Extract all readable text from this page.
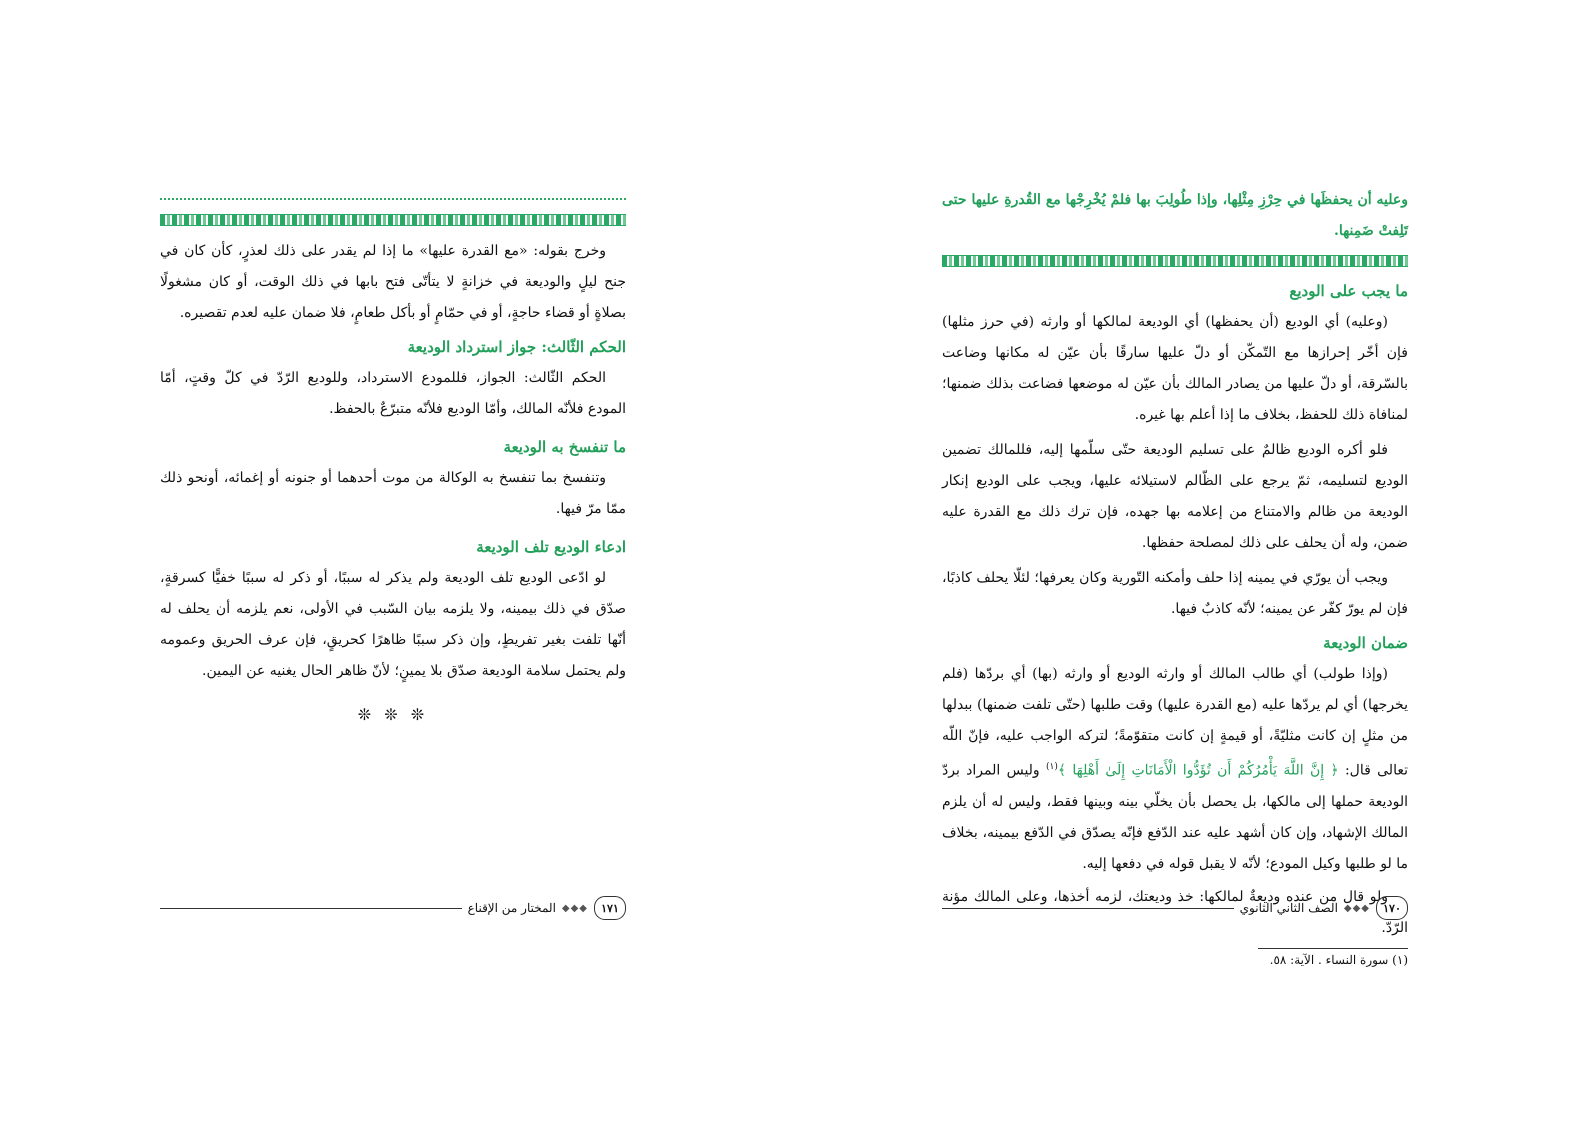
وعليه أن يحفظَها في حِرْزِ مِثْلِها، وإذا طُولِبَ بها فلمْ يُخْرِجْها مع القُدرةِ عليها حتى تَلِفتْ ضَمِنها.

ما يجب على الوديع

(وعليه) أي الوديع (أن يحفظها) أي الوديعة لمالكها أو وارثه (في حرز مثلها) فإن أخّر إحرازها مع التّمكّن أو دلّ عليها سارقًا بأن عيّن له مكانها وضاعت بالسّرقة، أو دلّ عليها من يصادر المالك بأن عيّن له موضعها فضاعت بذلك ضمنها؛ لمنافاة ذلك للحفظ، بخلاف ما إذا أعلم بها غيره.

فلو أكره الوديع ظالمٌ على تسليم الوديعة حتّى سلّمها إليه، فللمالك تضمين الوديع لتسليمه، ثمّ يرجع على الظّالم لاستيلائه عليها، ويجب على الوديع إنكار الوديعة من ظالم والامتناع من إعلامه بها جهده، فإن ترك ذلك مع القدرة عليه ضمن، وله أن يحلف على ذلك لمصلحة حفظها.

ويجب أن يورّي في يمينه إذا حلف وأمكنه التّورية وكان يعرفها؛ لئلّا يحلف كاذبًا، فإن لم يورّ كفّر عن يمينه؛ لأنّه كاذبٌ فيها.

ضمان الوديعة

(وإذا طولب) أي طالب المالك أو وارثه الوديع أو وارثه (بها) أي بردّها (فلم يخرجها) أي لم يردّها عليه (مع القدرة عليها) وقت طلبها (حتّى تلفت ضمنها) ببدلها من مثلٍ إن كانت مثليّةً، أو قيمةٍ إن كانت متقوّمةً؛ لتركه الواجب عليه، فإنّ اللّه تعالى قال: ﴿ إِنَّ اللَّهَ يَأْمُرُكُمْ أَن تُؤَدُّوا الْأَمَانَاتِ إِلَىٰ أَهْلِهَا ﴾$^{(١)}$ وليس المراد بردّ الوديعة حملها إلى مالكها، بل يحصل بأن يخلّي بينه وبينها فقط، وليس له أن يلزم المالك الإشهاد، وإن كان أشهد عليه عند الدّفع فإنّه يصدّق في الدّفع بيمينه، بخلاف ما لو طلبها وكيل المودع؛ لأنّه لا يقبل قوله في دفعها إليه.

ولو قال من عنده وديعةٌ لمالكها: خذ وديعتك، لزمه أخذها، وعلى المالك مؤنة الرّدّ.

(١) سورة النساء . الآية: ٥٨.
١٧٠
◆◆◆
الصف الثاني الثانوي

وخرج بقوله: «مع القدرة عليها» ما إذا لم يقدر على ذلك لعذرٍ، كأن كان في جنح ليلٍ والوديعة في خزانةٍ لا يتأتّى فتح بابها في ذلك الوقت، أو كان مشغولًا بصلاةٍ أو قضاء حاجةٍ، أو في حمّامٍ أو بأكل طعامٍ، فلا ضمان عليه لعدم تقصيره.

الحكم الثّالث: جواز استرداد الوديعة

الحكم الثّالث: الجواز، فللمودع الاسترداد، وللوديع الرّدّ في كلّ وقتٍ، أمّا المودع فلأنّه المالك، وأمّا الوديع فلأنّه متبرّعٌ بالحفظ.

ما تنفسخ به الوديعة

وتنفسخ بما تنفسخ به الوكالة من موت أحدهما أو جنونه أو إغمائه، أونحو ذلك ممّا مرّ فيها.

ادعاء الوديع تلف الوديعة

لو ادّعى الوديع تلف الوديعة ولم يذكر له سببًا، أو ذكر له سببًا خفيًّا كسرقةٍ، صدّق في ذلك بيمينه، ولا يلزمه بيان السّبب في الأولى، نعم يلزمه أن يحلف له أنّها تلفت بغير تفريطٍ، وإن ذكر سببًا ظاهرًا كحريقٍ، فإن عرف الحريق وعمومه ولم يحتمل سلامة الوديعة صدّق بلا يمينٍ؛ لأنّ ظاهر الحال يغنيه عن اليمين.

❊ ❊ ❊
المختار من الإقناع ◆◆◆	١٧١
